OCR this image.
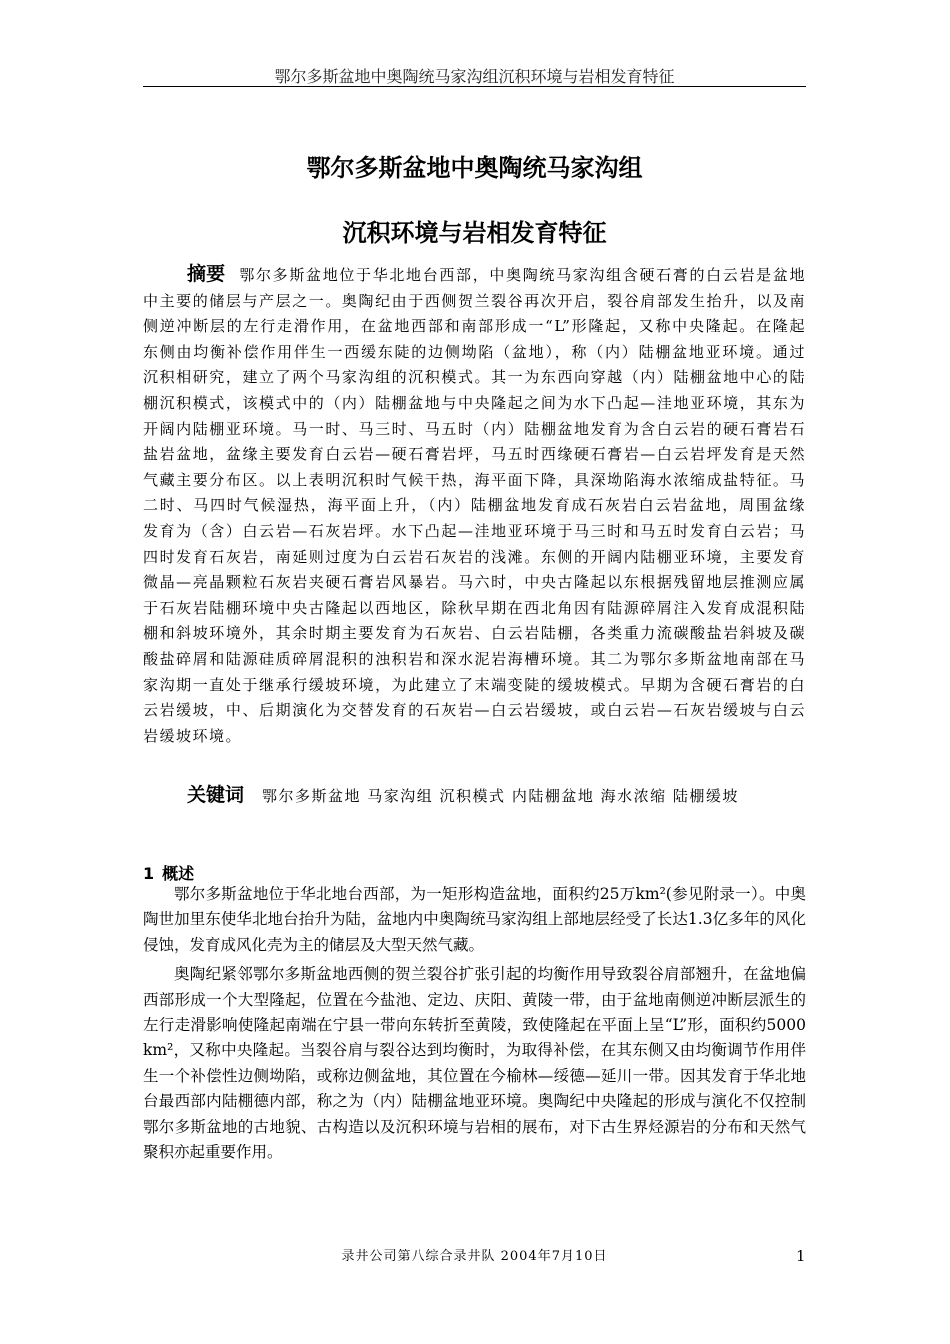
鄂尔多斯盆地中奥陶统马家沟组沉积环境与岩相发育特征
鄂尔多斯盆地中奥陶统马家沟组
沉积环境与岩相发育特征
摘要 鄂尔多斯盆地位于华北地台西部，中奥陶统马家沟组含硬石膏的白云岩是盆地中主要的储层与产层之一。奥陶纪由于西侧贺兰裂谷再次开启，裂谷肩部发生抬升，以及南侧逆冲断层的左行走滑作用，在盆地西部和南部形成一“L”形隆起，又称中央隆起。在隆起东侧由均衡补偿作用伴生一西缓东陡的边侧坳陷（盆地），称（内）陆棚盆地亚环境。通过沉积相研究，建立了两个马家沟组的沉积模式。其一为东西向穿越（内）陆棚盆地中心的陆棚沉积模式，该模式中的（内）陆棚盆地与中央隆起之间为水下凸起—洼地亚环境，其东为开阔内陆棚亚环境。马一时、马三时、马五时（内）陆棚盆地发育为含白云岩的硬石膏岩石盐岩盆地，盆缘主要发育白云岩—硬石膏岩坪，马五时西缘硬石膏岩—白云岩坪发育是天然气藏主要分布区。以上表明沉积时气候干热，海平面下降，具深坳陷海水浓缩成盐特征。马二时、马四时气候湿热，海平面上升，（内）陆棚盆地发育成石灰岩白云岩盆地，周围盆缘发育为（含）白云岩—石灰岩坪。水下凸起—洼地亚环境于马三时和马五时发育白云岩；马四时发育石灰岩，南延则过度为白云岩石灰岩的浅滩。东侧的开阔内陆棚亚环境，主要发育微晶—亮晶颗粒石灰岩夹硬石膏岩风暴岩。马六时，中央古隆起以东根据残留地层推测应属于石灰岩陆棚环境中央古隆起以西地区，除秋早期在西北角因有陆源碎屑注入发育成混积陆棚和斜坡环境外，其余时期主要发育为石灰岩、白云岩陆棚，各类重力流碳酸盐岩斜坡及碳酸盐碎屑和陆源硅质碎屑混积的浊积岩和深水泥岩海槽环境。其二为鄂尔多斯盆地南部在马家沟期一直处于继承行缓坡环境，为此建立了末端变陡的缓坡模式。早期为含硬石膏岩的白云岩缓坡，中、后期演化为交替发育的石灰岩—白云岩缓坡，或白云岩—石灰岩缓坡与白云岩缓坡环境。
关键词 鄂尔多斯盆地 马家沟组 沉积模式 内陆棚盆地 海水浓缩 陆棚缓坡
1 概述

鄂尔多斯盆地位于华北地台西部，为一矩形构造盆地，面积约25万km²(参见附录一）。中奥陶世加里东使华北地台抬升为陆，盆地内中奥陶统马家沟组上部地层经受了长达1.3亿多年的风化侵蚀，发育成风化壳为主的储层及大型天然气藏。

奥陶纪紧邻鄂尔多斯盆地西侧的贺兰裂谷扩张引起的均衡作用导致裂谷肩部翘升，在盆地偏西部形成一个大型隆起，位置在今盐池、定边、庆阳、黄陵一带，由于盆地南侧逆冲断层派生的左行走滑影响使隆起南端在宁县一带向东转折至黄陵，致使隆起在平面上呈“L”形，面积约5000 km²，又称中央隆起。当裂谷肩与裂谷达到均衡时，为取得补偿，在其东侧又由均衡调节作用伴生一个补偿性边侧坳陷，或称边侧盆地，其位置在今榆林—绥德—延川一带。因其发育于华北地台最西部内陆棚德内部，称之为（内）陆棚盆地亚环境。奥陶纪中央隆起的形成与演化不仅控制鄂尔多斯盆地的古地貌、古构造以及沉积环境与岩相的展布，对下古生界烃源岩的分布和天然气聚积亦起重要作用。

录井公司第八综合录井队 2004年7月10日	1
